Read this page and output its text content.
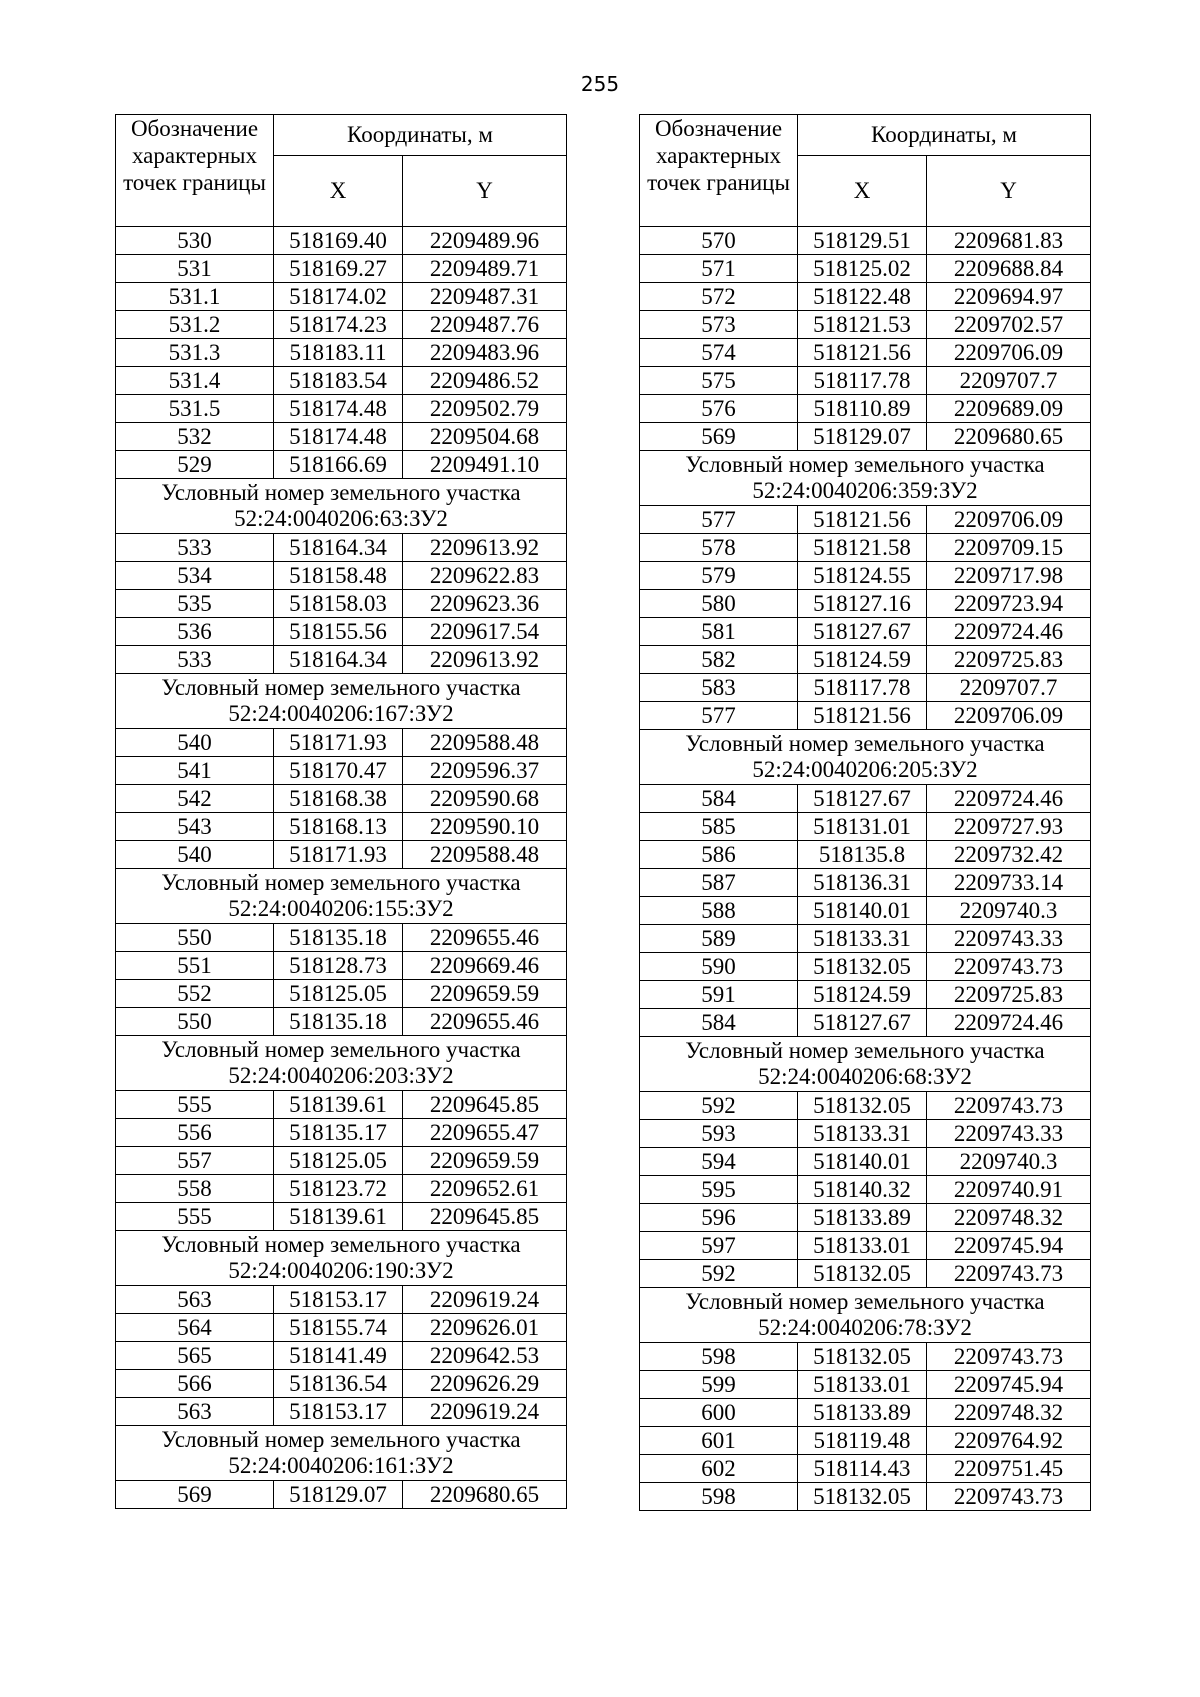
255
Обозначение характерных точек границы	Координаты, м	
	X	Y
530	518169.40	2209489.96
531	518169.27	2209489.71
531.1	518174.02	2209487.31
531.2	518174.23	2209487.76
531.3	518183.11	2209483.96
531.4	518183.54	2209486.52
531.5	518174.48	2209502.79
532	518174.48	2209504.68
529	518166.69	2209491.10
Условный номер земельного участка 52:24:0040206:63:ЗУ2		
533	518164.34	2209613.92
534	518158.48	2209622.83
535	518158.03	2209623.36
536	518155.56	2209617.54
533	518164.34	2209613.92
Условный номер земельного участка 52:24:0040206:167:ЗУ2		
540	518171.93	2209588.48
541	518170.47	2209596.37
542	518168.38	2209590.68
543	518168.13	2209590.10
540	518171.93	2209588.48
Условный номер земельного участка 52:24:0040206:155:ЗУ2		
550	518135.18	2209655.46
551	518128.73	2209669.46
552	518125.05	2209659.59
550	518135.18	2209655.46
Условный номер земельного участка 52:24:0040206:203:ЗУ2		
555	518139.61	2209645.85
556	518135.17	2209655.47
557	518125.05	2209659.59
558	518123.72	2209652.61
555	518139.61	2209645.85
Условный номер земельного участка 52:24:0040206:190:ЗУ2		
563	518153.17	2209619.24
564	518155.74	2209626.01
565	518141.49	2209642.53
566	518136.54	2209626.29
563	518153.17	2209619.24
Условный номер земельного участка 52:24:0040206:161:ЗУ2		
569	518129.07	2209680.65
Обозначение характерных точек границы	Координаты, м	
	X	Y
570	518129.51	2209681.83
571	518125.02	2209688.84
572	518122.48	2209694.97
573	518121.53	2209702.57
574	518121.56	2209706.09
575	518117.78	2209707.7
576	518110.89	2209689.09
569	518129.07	2209680.65
Условный номер земельного участка 52:24:0040206:359:ЗУ2		
577	518121.56	2209706.09
578	518121.58	2209709.15
579	518124.55	2209717.98
580	518127.16	2209723.94
581	518127.67	2209724.46
582	518124.59	2209725.83
583	518117.78	2209707.7
577	518121.56	2209706.09
Условный номер земельного участка 52:24:0040206:205:ЗУ2		
584	518127.67	2209724.46
585	518131.01	2209727.93
586	518135.8	2209732.42
587	518136.31	2209733.14
588	518140.01	2209740.3
589	518133.31	2209743.33
590	518132.05	2209743.73
591	518124.59	2209725.83
584	518127.67	2209724.46
Условный номер земельного участка 52:24:0040206:68:ЗУ2		
592	518132.05	2209743.73
593	518133.31	2209743.33
594	518140.01	2209740.3
595	518140.32	2209740.91
596	518133.89	2209748.32
597	518133.01	2209745.94
592	518132.05	2209743.73
Условный номер земельного участка 52:24:0040206:78:ЗУ2		
598	518132.05	2209743.73
599	518133.01	2209745.94
600	518133.89	2209748.32
601	518119.48	2209764.92
602	518114.43	2209751.45
598	518132.05	2209743.73
